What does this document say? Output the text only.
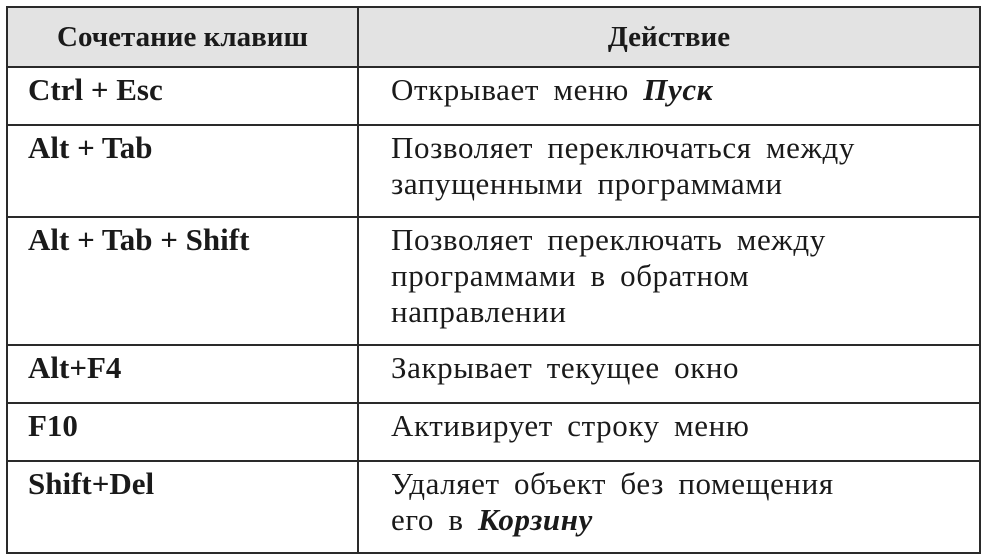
Сочетание клавиш	Действие
Ctrl + Esc	Открывает меню Пуск
Alt + Tab	Позволяет переключаться между
запущенными программами
Alt + Tab + Shift	Позволяет переключать между
программами в обратном
направлении
Alt+F4	Закрывает текущее окно
F10	Активирует строку меню
Shift+Del	Удаляет объект без помещения
его в Корзину
